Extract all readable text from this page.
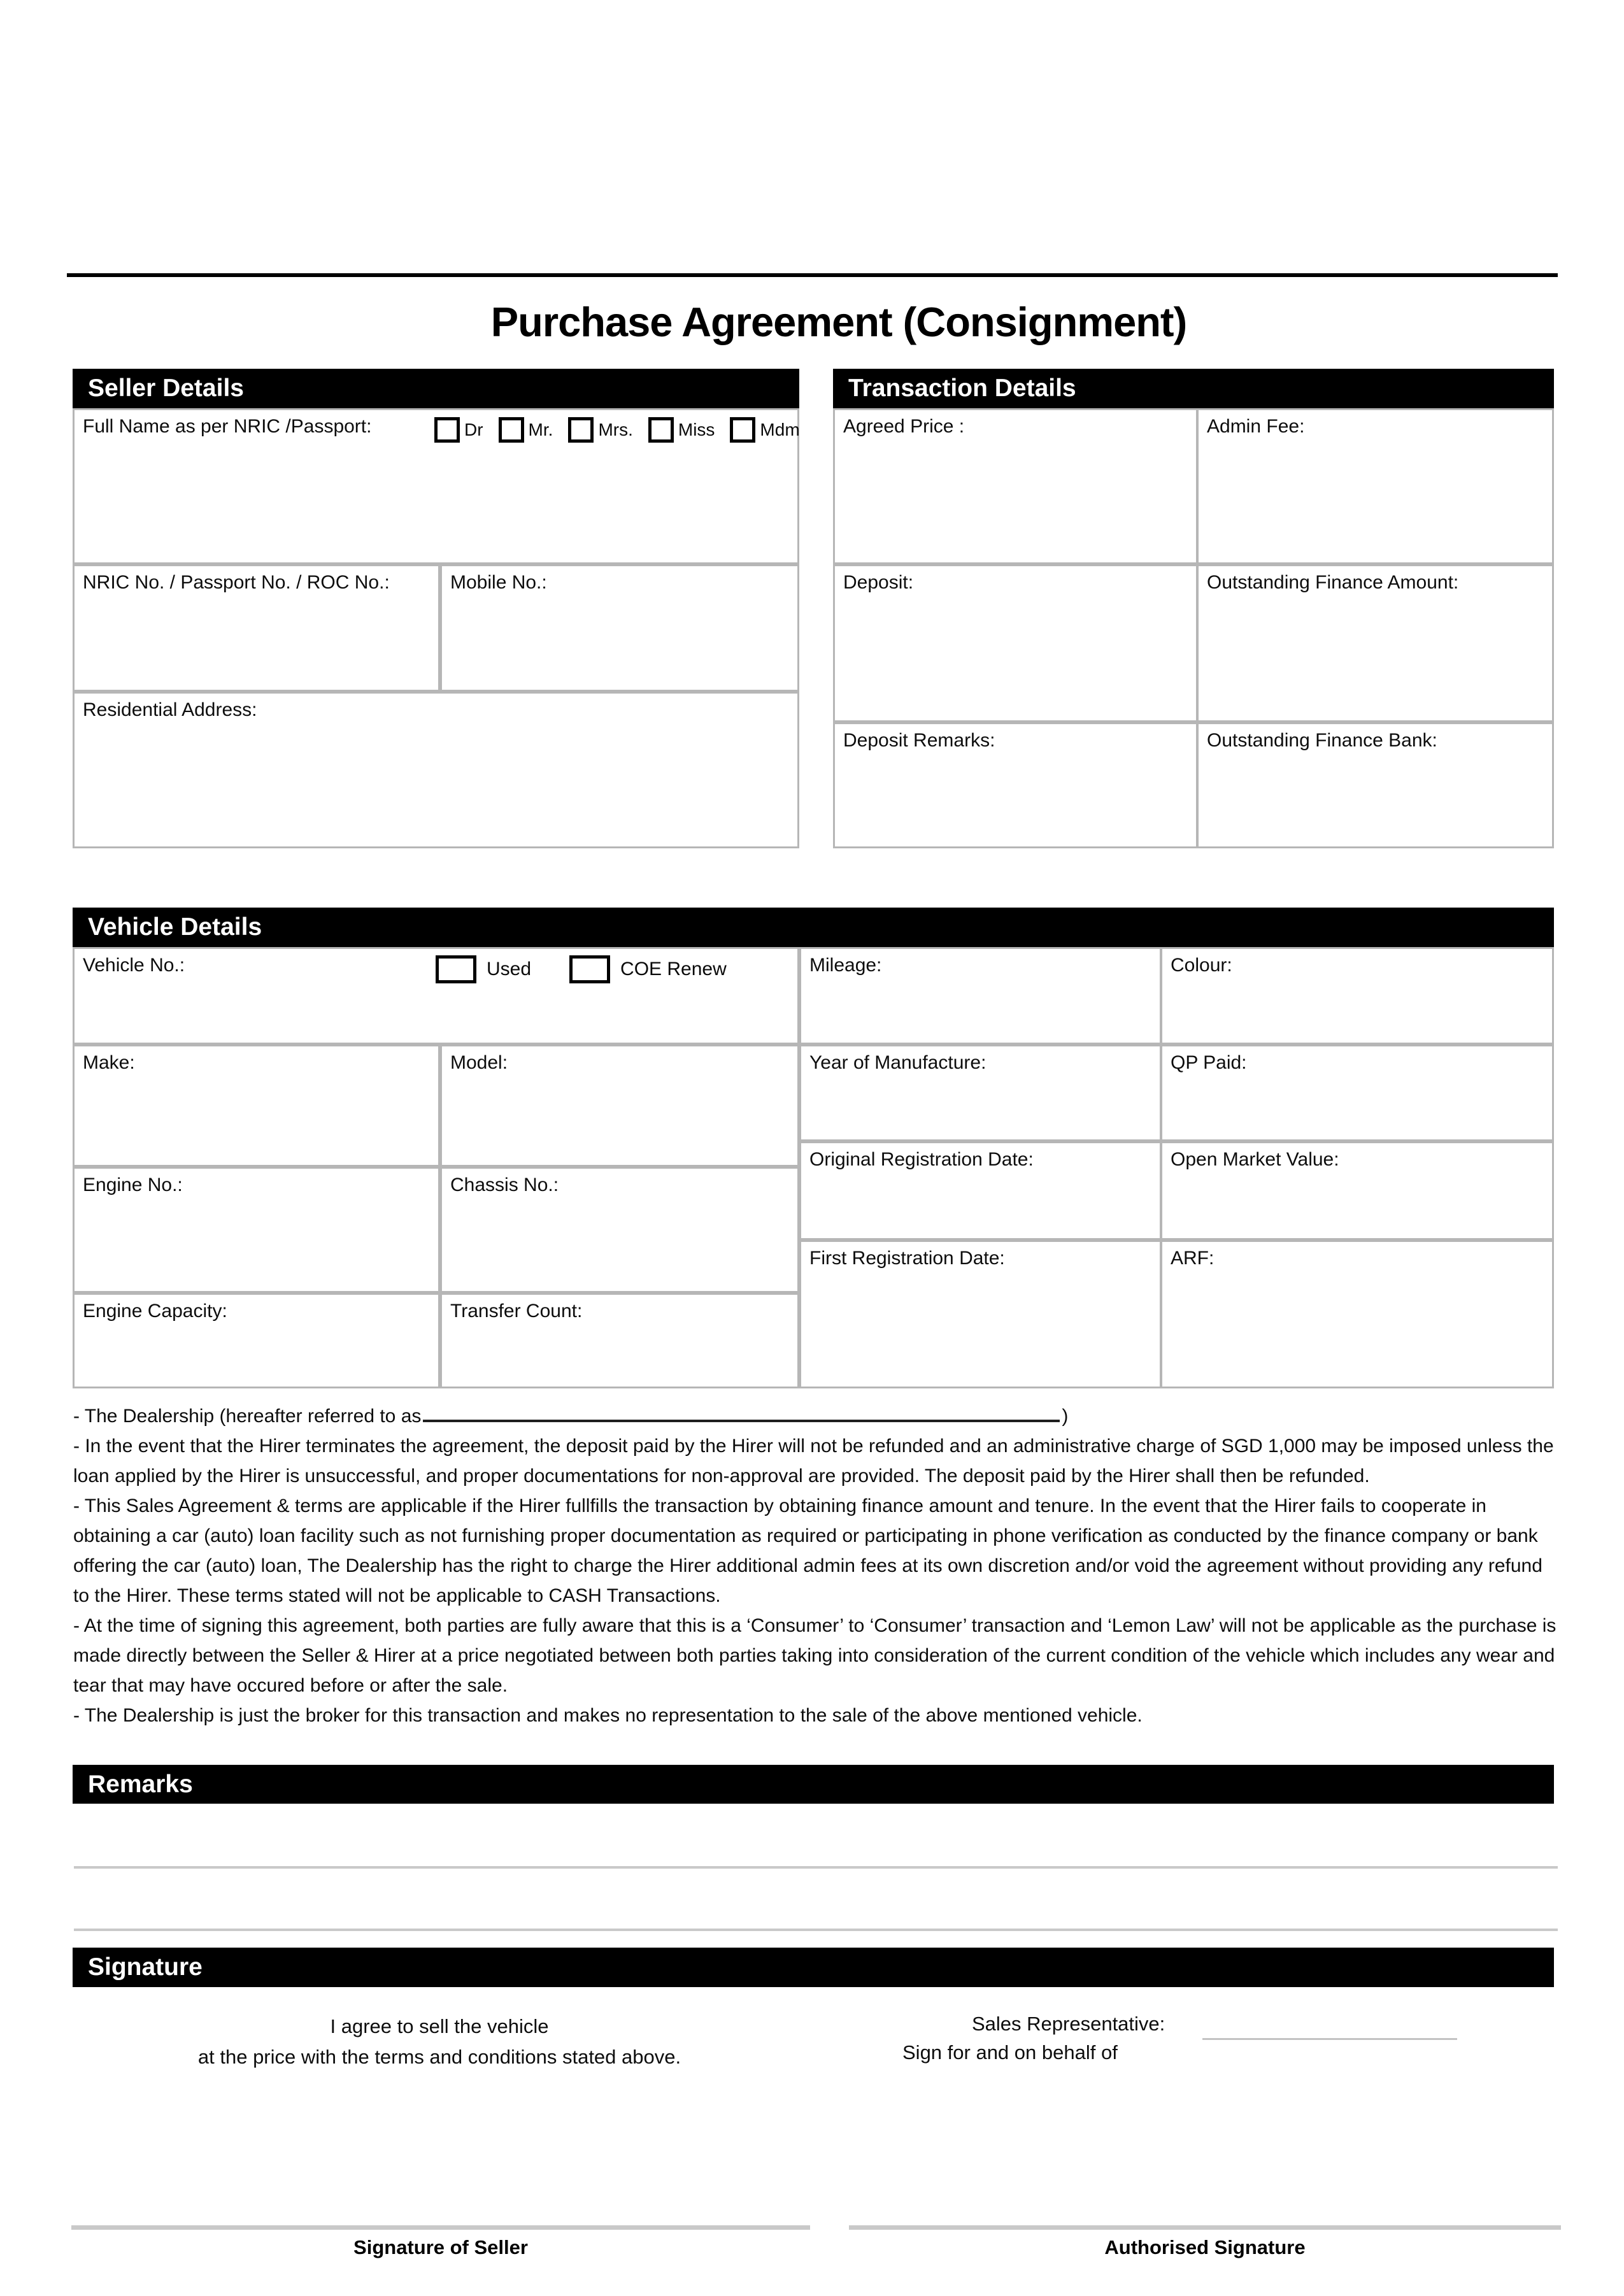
Purchase Agreement (Consignment)
Seller Details
Full Name as per NRIC /Passport:	Dr	Mr.	Mrs.	Miss	Mdm
NRIC No. / Passport No. / ROC No.:	Mobile No.:
Residential Address:
Transaction Details
Agreed Price :	Admin Fee:
Deposit:	Outstanding Finance Amount:
Deposit Remarks:	Outstanding Finance Bank:
Vehicle Details
Vehicle No.:	Used	COE Renew
Make:	Model:
Engine No.:	Chassis No.:
Engine Capacity:	Transfer Count:
Mileage:	Colour:
Year of Manufacture:	QP Paid:
Original Registration Date:	Open Market Value:
First Registration Date:	ARF:

- The Dealership (hereafter referred to as	)

- In the event that the Hirer terminates the agreement, the deposit paid by the Hirer will not be refunded and an administrative charge of SGD 1,000 may be imposed unless the loan applied by the Hirer is unsuccessful, and proper documentations for non-approval are provided. The deposit paid by the Hirer shall then be refunded.

- This Sales Agreement & terms are applicable if the Hirer fullfills the transaction by obtaining finance amount and tenure. In the event that the Hirer fails to cooperate in obtaining a car (auto) loan facility such as not furnishing proper documentation as required or participating in phone verification as conducted by the finance company or bank offering the car (auto) loan, The Dealership has the right to charge the Hirer additional admin fees at its own discretion and/or void the agreement without providing any refund to the Hirer. These terms stated will not be applicable to CASH Transactions.

- At the time of signing this agreement, both parties are fully aware that this is a ‘Consumer’ to ‘Consumer’ transaction and ‘Lemon Law’ will not be applicable as the purchase is made directly between the Seller & Hirer at a price negotiated between both parties taking into consideration of the current condition of the vehicle which includes any wear and tear that may have occured before or after the sale.

- The Dealership is just the broker for this transaction and makes no representation to the sale of the above mentioned vehicle.

Remarks
Signature
I agree to sell the vehicle
at the price with the terms and conditions stated above.
Sales Representative:
Sign for and on behalf of
Signature of Seller	Authorised Signature
